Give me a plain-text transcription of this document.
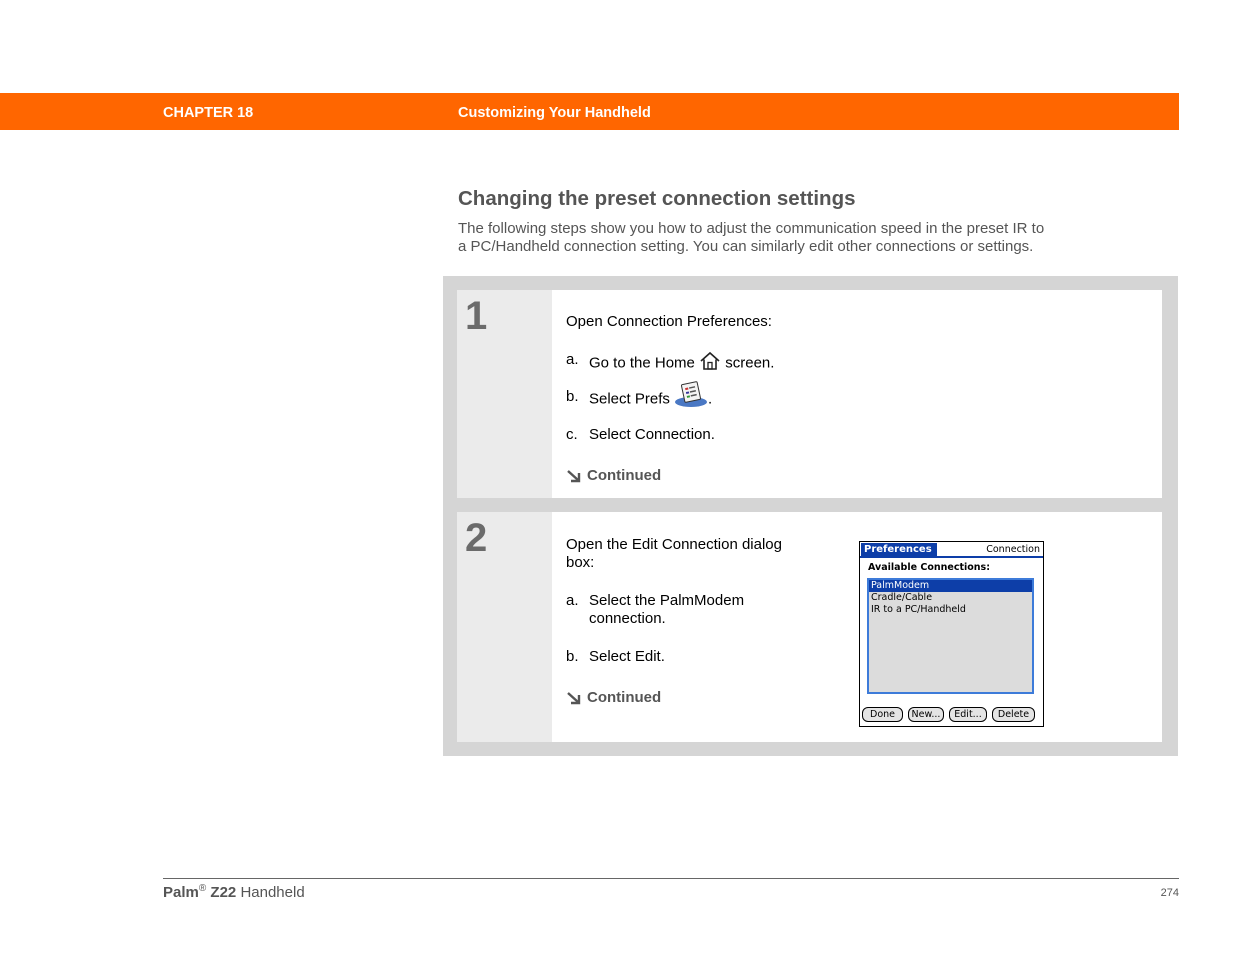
CHAPTER 18	Customizing Your Handheld
Changing the preset connection settings
The following steps show you how to adjust the communication speed in the preset IR to
a PC/Handheld connection setting. You can similarly edit other connections or settings.
1	Open Connection Preferences:
a. Go to the Home screen.
b. Select Prefs	.
c. Select Connection.
Continued
2	Open the Edit Connection dialog
box:
a. Select the PalmModem
connection.
b. Select Edit.
Continued
Preferences	Connection
Available Connections:
PalmModem
Cradle/Cable
IR to a PC/Handheld
Done	New...	Edit...	Delete
Palm® Z22 Handheld	274
